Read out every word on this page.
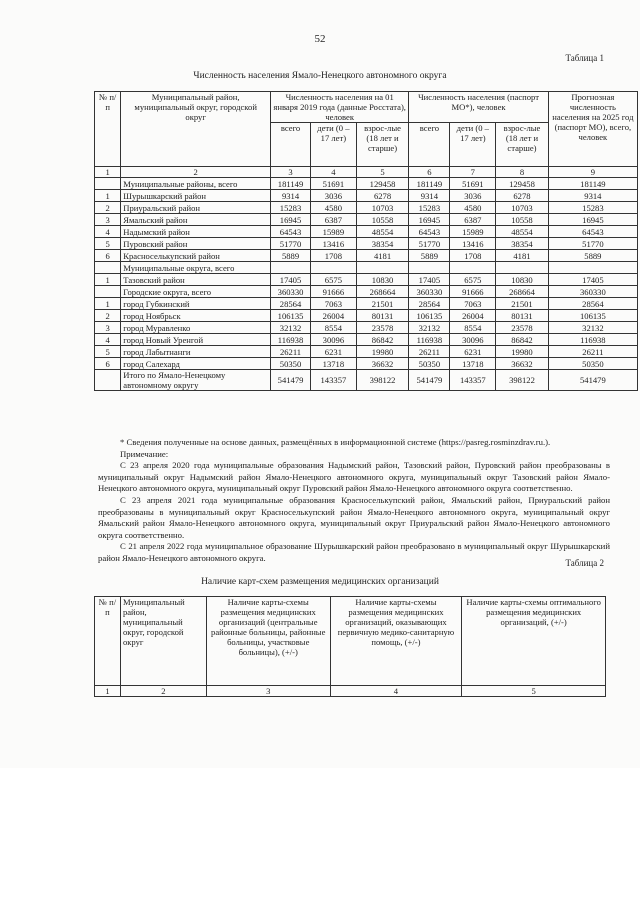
52
Таблица 1
Численность населения Ямало-Ненецкого автономного округа
№ п/п	Муниципальный район, муниципальный округ, городской округ	Численность населения на 01 января 2019 года (данные Росстата), человек			Численность населения (паспорт МО*), человек			Прогнозная численность населения на 2025 год (паспорт МО), всего, человек
		всего	дети (0 – 17 лет)	взрос-лые (18 лет и старше)	всего	дети (0 – 17 лет)	взрос-лые (18 лет и старше)	
1	2	3	4	5	6	7	8	9
	Муниципальные районы, всего	181149	51691	129458	181149	51691	129458	181149
1	Шурышкарский район	9314	3036	6278	9314	3036	6278	9314
2	Приуральский район	15283	4580	10703	15283	4580	10703	15283
3	Ямальский район	16945	6387	10558	16945	6387	10558	16945
4	Надымский район	64543	15989	48554	64543	15989	48554	64543
5	Пуровский район	51770	13416	38354	51770	13416	38354	51770
6	Красноселькупский район	5889	1708	4181	5889	1708	4181	5889
	Муниципальные округа, всего							
1	Тазовский район	17405	6575	10830	17405	6575	10830	17405
	Городские округа, всего	360330	91666	268664	360330	91666	268664	360330
1	город Губкинский	28564	7063	21501	28564	7063	21501	28564
2	город Ноябрьск	106135	26004	80131	106135	26004	80131	106135
3	город Муравленко	32132	8554	23578	32132	8554	23578	32132
4	город Новый Уренгой	116938	30096	86842	116938	30096	86842	116938
5	город Лабытнанги	26211	6231	19980	26211	6231	19980	26211
6	город Салехард	50350	13718	36632	50350	13718	36632	50350
	Итого по Ямало-Ненецкому автономному округу	541479	143357	398122	541479	143357	398122	541479

* Сведения полученные на основе данных, размещённых в информационной системе (https://pasreg.rosminzdrav.ru.).

Примечание:

С 23 апреля 2020 года муниципальные образования Надымский район, Тазовский район, Пуровский район преобразованы в муниципальный округ Надымский район Ямало-Ненецкого автономного округа, муниципальный округ Тазовский район Ямало-Ненецкого автономного округа, муниципальный округ Пуровский район Ямало-Ненецкого автономного округа соответственно.

С 23 апреля 2021 года муниципальные образования Красноселькупский район, Ямальский район, Приуральский район преобразованы в муниципальный округ Красноселькупский район Ямало-Ненецкого автономного округа, муниципальный округ Ямальский район Ямало-Ненецкого автономного округа, муниципальный округ Приуральский район Ямало-Ненецкого автономного округа соответственно.

С 21 апреля 2022 года муниципальное образование Шурышкарский район преобразовано в муниципальный округ Шурышкарский район Ямало-Ненецкого автономного округа.

Таблица 2
Наличие карт-схем размещения медицинских организаций
№ п/п	Муниципальный район, муниципальный округ, городской округ	Наличие карты-схемы размещения медицинских организаций (центральные районные больницы, районные больницы, участковые больницы), (+/-)	Наличие карты-схемы размещения медицинских организаций, оказывающих первичную медико-санитарную помощь, (+/-)	Наличие карты-схемы оптимального размещения медицинских организаций, (+/-)
1	2	3	4	5
